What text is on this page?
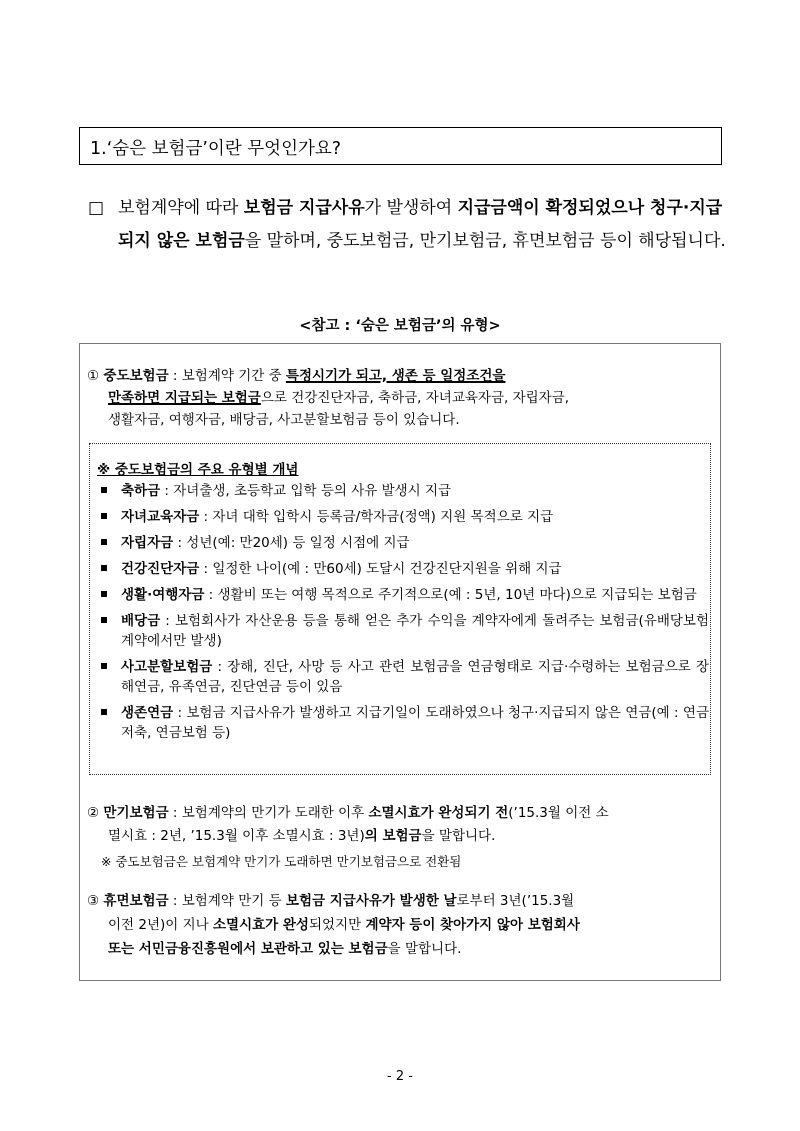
1.‘숨은 보험금’이란 무엇인가요?
□ 보험계약에 따라 보험금 지급사유가 발생하여 지급금액이 확정되었으나 청구·지급되지 않은 보험금을 말하며, 중도보험금, 만기보험금, 휴면보험금 등이 해당됩니다.
<참고 : ‘숨은 보험금’의 유형>
① 중도보험금 : 보험계약 기간 중 특정시기가 되고, 생존 등 일정조건을
만족하면 지급되는 보험금으로 건강진단자금, 축하금, 자녀교육자금, 자립자금,
생활자금, 여행자금, 배당금, 사고분할보험금 등이 있습니다.
※ 중도보험금의 주요 유형별 개념
축하금 : 자녀출생, 초등학교 입학 등의 사유 발생시 지급
자녀교육자금 : 자녀 대학 입학시 등록금/학자금(정액) 지원 목적으로 지급
자립자금 : 성년(예: 만20세) 등 일정 시점에 지급
건강진단자금 : 일정한 나이(예 : 만60세) 도달시 건강진단지원을 위해 지급
생활·여행자금 : 생활비 또는 여행 목적으로 주기적으로(예 : 5년, 10년 마다)으로 지급되는 보험금
배당금 : 보험회사가 자산운용 등을 통해 얻은 추가 수익을 계약자에게 돌려주는 보험금(유배당보험 계약에서만 발생)
사고분할보험금 : 장해, 진단, 사망 등 사고 관련 보험금을 연금형태로 지급·수령하는 보험금으로 장해연금, 유족연금, 진단연금 등이 있음
생존연금 : 보험금 지급사유가 발생하고 지급기일이 도래하였으나 청구·지급되지 않은 연금(예 : 연금저축, 연금보험 등)
② 만기보험금 : 보험계약의 만기가 도래한 이후 소멸시효가 완성되기 전(’15.3월 이전 소
멸시효 : 2년, ’15.3월 이후 소멸시효 : 3년)의 보험금을 말합니다.
※ 중도보험금은 보험계약 만기가 도래하면 만기보험금으로 전환됨
③ 휴면보험금 : 보험계약 만기 등 보험금 지급사유가 발생한 날로부터 3년(’15.3월
이전 2년)이 지나 소멸시효가 완성되었지만 계약자 등이 찾아가지 않아 보험회사
또는 서민금융진흥원에서 보관하고 있는 보험금을 말합니다.
- 2 -
